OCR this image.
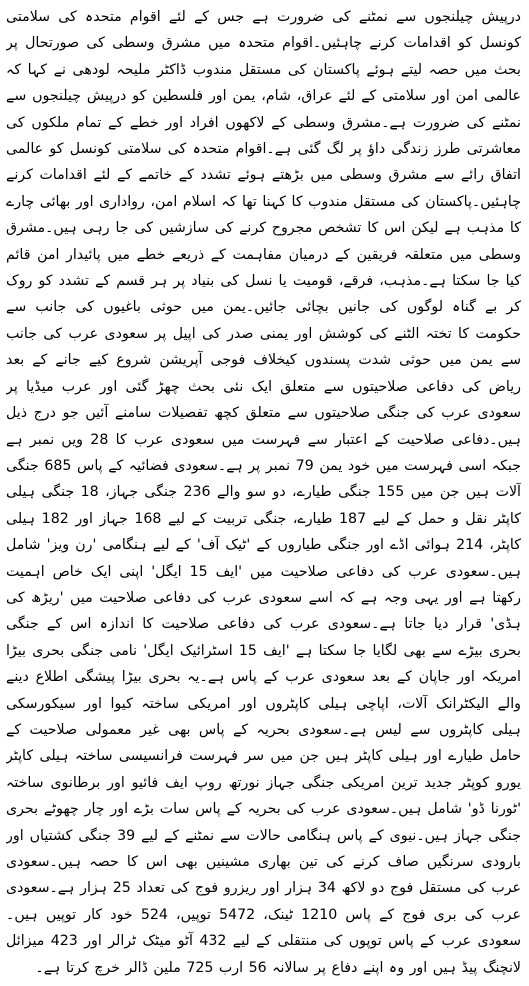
درپیش چیلنجوں سے نمٹنے کی ضرورت ہے جس کے لئے اقوام متحدہ کی سلامتی کونسل کو اقدامات کرنے چاہئیں۔اقوام متحدہ میں مشرق وسطی کی صورتحال پر بحث میں حصہ لیتے ہوئے پاکستان کی مستقل مندوب ڈاکٹر ملیحہ لودھی نے کہا کہ عالمی امن اور سلامتی کے لئے عراق، شام، یمن اور فلسطین کو درپیش چیلنجوں سے نمٹنے کی ضرورت ہے۔مشرق وسطی کے لاکھوں افراد اور خطے کے تمام ملکوں کی معاشرتی طرز زندگی داؤ پر لگ گئی ہے۔اقوام متحدہ کی سلامتی کونسل کو عالمی اتفاق رائے سے مشرق وسطی میں بڑھتے ہوئے تشدد کے خاتمے کے لئے اقدامات کرنے چاہئیں۔پاکستان کی مستقل مندوب کا کہنا تھا کہ اسلام امن، رواداری اور بھائی چارے کا مذہب ہے لیکن اس کا تشخص مجروح کرنے کی سازشیں کی جا رہی ہیں۔مشرق وسطی میں متعلقہ فریقین کے درمیان مفاہمت کے ذریعے خطے میں پائیدار امن قائم کیا جا سکتا ہے۔مذہب، فرقے، قومیت یا نسل کی بنیاد پر ہر قسم کے تشدد کو روک کر بے گناہ لوگوں کی جانیں بچائی جائیں۔یمن میں حوثی باغیوں کی جانب سے حکومت کا تختہ الٹنے کی کوشش اور یمنی صدر کی اپیل پر سعودی عرب کی جانب سے یمن میں حوثی شدت پسندوں کیخلاف فوجی آپریشن شروع کیے جانے کے بعد ریاض کی دفاعی صلاحیتوں سے متعلق ایک نئی بحث چھڑ گئی اور عرب میڈیا پر سعودی عرب کی جنگی صلاحیتوں سے متعلق کچھ تفصیلات سامنے آئیں جو درج ذیل ہیں۔دفاعی صلاحیت کے اعتبار سے فہرست میں سعودی عرب کا 28 ویں نمبر ہے جبکہ اسی فہرست میں خود یمن 79 نمبر پر ہے۔سعودی فضائیہ کے پاس 685 جنگی آلات ہیں جن میں 155 جنگی طیارے، دو سو والے 236 جنگی جہاز، 18 جنگی ہیلی کاپٹر نقل و حمل کے لیے 187 طیارے، جنگی تربیت کے لیے 168 جہاز اور 182 ہیلی کاپٹر، 214 ہوائی اڈے اور جنگی طیاروں کے 'ٹیک آف' کے لیے ہنگامی 'رن ویز' شامل ہیں۔سعودی عرب کی دفاعی صلاحیت میں 'ایف 15 ایگل' اپنی ایک خاص اہمیت رکھتا ہے اور یہی وجہ ہے کہ اسے سعودی عرب کی دفاعی صلاحیت میں 'ریڑھ کی ہڈی' قرار دیا جاتا ہے۔سعودی عرب کی دفاعی صلاحیت کا اندازہ اس کے جنگی بحری بیڑے سے بھی لگایا جا سکتا ہے 'ایف 15 اسٹرائیک ایگل' نامی جنگی بحری بیڑا امریکہ اور جاپان کے بعد سعودی عرب کے پاس ہے۔یہ بحری بیڑا پیشگی اطلاع دینے والے الیکٹرانک آلات، اپاچی ہیلی کاپٹروں اور امریکی ساختہ کیوا اور سیکورسکی ہیلی کاپٹروں سے لیس ہے۔سعودی بحریہ کے پاس بھی غیر معمولی صلاحیت کے حامل طیارے اور ہیلی کاپٹر ہیں جن میں سر فہرست فرانسیسی ساختہ ہیلی کاپٹر یورو کوپٹر جدید ترین امریکی جنگی جہاز نورتھ روپ ایف فائیو اور برطانوی ساختہ 'ٹورنا ڈو' شامل ہیں۔سعودی عرب کی بحریہ کے پاس سات بڑے اور چار چھوٹے بحری جنگی جہاز ہیں۔نیوی کے پاس ہنگامی حالات سے نمٹنے کے لیے 39 جنگی کشتیاں اور بارودی سرنگیں صاف کرنے کی تین بھاری مشینیں بھی اس کا حصہ ہیں۔سعودی عرب کی مستقل فوج دو لاکھ 34 ہزار اور ریزرو فوج کی تعداد 25 ہزار ہے۔سعودی عرب کی بری فوج کے پاس 1210 ٹینک، 5472 توپیں، 524 خود کار توپیں ہیں۔سعودی عرب کے پاس توپوں کی منتقلی کے لیے 432 آٹو میٹک ٹرالر اور 423 میزائل لانچنگ پیڈ ہیں اور وہ اپنے دفاع پر سالانہ 56 ارب 725 ملین ڈالر خرچ کرتا ہے۔
